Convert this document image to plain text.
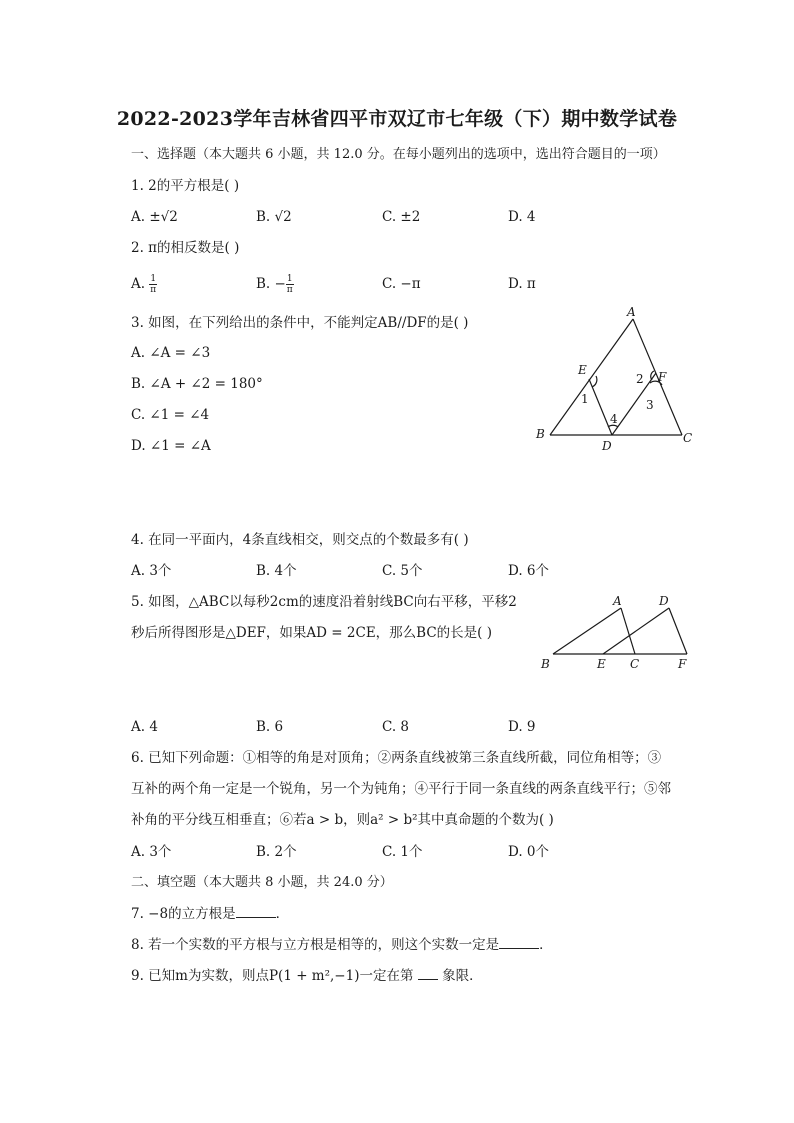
2022-2023学年吉林省四平市双辽市七年级（下）期中数学试卷
一、选择题（本大题共 6 小题，共 12.0 分。在每小题列出的选项中，选出符合题目的一项）
1. 2的平方根是( )
A. ±√2	B. √2	C. ±2	D. 4
2. π的相反数是( )
A. $\frac{1}{\pi}$	B. − $\frac{1}{\pi}$	C. −π	D. π
3. 如图，在下列给出的条件中，不能判定AB//DF的是( )
A. ∠A = ∠3
B. ∠A + ∠2 = 180°
C. ∠1 = ∠4
D. ∠1 = ∠A
A
B	C
D
E	F
1
2
3
4
4. 在同一平面内，4条直线相交，则交点的个数最多有( )
A. 3个	B. 4个	C. 5个	D. 6个
5. 如图，△ABC以每秒2cm的速度沿着射线BC向右平移，平移2
秒后所得图形是△DEF，如果AD = 2CE，那么BC的长是( )
A	D
B	E C	F
A. 4	B. 6	C. 8	D. 9
6. 已知下列命题：①相等的角是对顶角；②两条直线被第三条直线所截，同位角相等；③
互补的两个角一定是一个锐角，另一个为钝角；④平行于同一条直线的两条直线平行；⑤邻
补角的平分线互相垂直；⑥若a > b，则a² > b²其中真命题的个数为( )
A. 3个	B. 2个	C. 1个	D. 0个
二、填空题（本大题共 8 小题，共 24.0 分）
7. −8的立方根是	．
8. 若一个实数的平方根与立方根是相等的，则这个实数一定是	．
9. 已知m为实数，则点P(1 + m²,−1)一定在第 象限．
